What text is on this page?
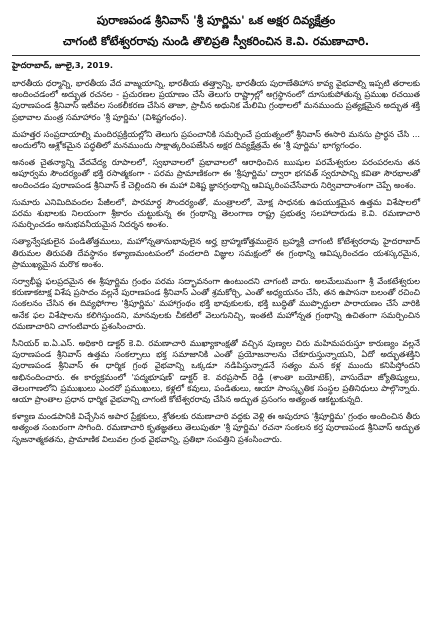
పురాణపండ శ్రీనివాస్ 'శ్రీ పూర్ణిమ' ఒక అక్షర దివ్యక్షేత్రం
చాగంటి కోటేశ్వరరావు నుండి తొలిప్రతి స్వీకరించిన కె.వి. రమణాచారి.
హైదరాబాద్, జూలై,3, 2019.

భారతీయ ధర్మాన్ని, భారతీయ వేద వాఙ్మయాన్ని, భారతీయ తత్త్వాన్ని, భారతీయ పురాణేతిహాస కావ్య వైభవాల్ని ఇప్పటి తరాలకు అందించడంలో అద్భుత రచనల - ప్రచురణల ప్రయాణం చేసే తెలుగు రాష్ట్రాల్లో అగ్రస్థానంలో దూసుకుపోతున్న ప్రముఖ రచయిత పురాణపండ శ్రీనివాస్ ఇటీవల సంకలీకరణ చేసిన తాజా, ప్రాచీన అధునిక మేలిమి గ్రంథాలలో మనముందు ప్రత్యక్షమైన అద్భుత శక్తి ప్రభావాల మంత్ర సమాహారం 'శ్రీ పూర్ణిమ' (విశిష్టగంధం).

మహత్తర సంప్రదాయాల్ని మందిరప్రక్రియల్లోని తెలుగు ప్రపంచానికి సమర్పించే ప్రయత్నంలో శ్రీనివాస్ ఈసారి మనసు ప్రార్థన చేసి ... అందులోని ఆశ్లోకమైన పద్ధతిలో మనముందు సాక్షాత్కరింపజేసిన అక్షర దివ్యక్షేత్రమే ఈ 'శ్రీ పూర్ణిమ' భాగ్యగంధం.

అనంత చైతన్యాన్ని వేదవేద్య రూపాలలో, స్వభావాలలో ప్రభావాలలో ఆరాధించిన ఋషుల పరమేశ్వరుల పరంపరలను తన అపూర్వమ సౌందర్యంతో భక్తి రసాత్మకంగా - పరమ ప్రామాణికంగా ఈ 'శ్రీపూర్ణిమ' ద్వారా భగవత్ స్వరూపాన్ని కవితా సౌరభాలతో అందించడం పురాణపండ శ్రీనివాస్ కే చెల్లిందని ఈ మహా విశిష్ట జ్ఞానగ్రంథాన్ని ఆవిష్కరింపచేసేవారు నిర్వివాదాంశంగా చెప్పే అంశం.

సుమారు ఎనిమిదివందల పేజీలలో, పారమార్థ సౌందర్యంతో, మంత్రాలలో, మోక్ష సాధనకు ఉపయుక్తమైన ఉత్తమ విశేషాలలో పరమ శుభాలకు నిలయంగా శ్రీకారం చుట్టుకున్న ఈ గ్రంథాన్ని తెలంగాణ రాష్ట్ర ప్రభుత్వ సలహాదారుడు కె.వి. రమణాచారి సమర్పించడం అనుభవనీయమైన నిదర్శన అంశం.

సత్యాన్వేషకులైన పండితోత్తములు, మహోన్నతానుభావులైన అర్హ బ్రాహ్మణోత్తములైన బ్రహ్మశ్రీ చాగంటి కోటేశ్వరరావు హైదరాబాద్ తిరుమల తిరుపతి దేవస్థానం కళ్యాణమంటపంలో వందలాది విజ్ఞుల సమక్షంలో ఈ గ్రంథాన్ని ఆవిష్కరించడం యశస్కరమైన, ప్రాముఖ్యమైన మరొక అంశం.

సర్వాభీష్ట ఫలప్రదమైన ఈ శ్రీపూర్ణిమ గ్రంథం పరమ సద్భావనంగా ఉంటుందని చాగంటి వారు. అలమేలుమంగా శ్రీ వేంకటేశ్వరుల కరుణాకటాక్ష విశేష ప్రసాదం వల్లనే పురాణపండ శ్రీనివాస్ ఎంతో శ్రమకోర్చి, ఎంతో అధ్యయనం చేసి, తన ఉపాసనా బలంతో రచించి సంకలనం చేసిన ఈ దివ్యఫోగాల 'శ్రీపూర్ణిమ' మహాగ్రంథం భక్తి భావుకులకు, భక్తి బుద్ధితో ముప్పొద్దులా పారాయణం చేసే వారికి అనేక ఫల విశేషాలను కలిగిస్తుందని, మానవులకు చీకటిలో వెలుగునిచ్చి, ఇంతటి మహోన్నత గ్రంథాన్ని ఉచితంగా సమర్పించిన రమణాచారిని చాగంటివారు ప్రశంసించారు.

సీనియర్ ఐ.ఏ.ఎస్. అధికారి డాక్టర్ కె.వి. రమణాచారి ముఖ్యాకాంక్షతో వచ్చిన పుణ్యల చిరు మహిమపరుస్తూ కారుణ్యం వల్లనే పురాణపండ శ్రీనివాస్ ఉత్తమ సంకల్పాలు భక్త సమాజానికి ఎంతో ప్రయోజనాలను చేకూరుస్తున్నాయని, ఏదో అద్భుతశక్తిని పురాణపండ శ్రీనివాస్ ఈ ధార్మిక గ్రంథ వైభవాన్ని ఒక్కడూ నడిపిస్తున్నాడనే సత్యం మన కళ్ల ముందు కనిపిస్తోందని అభినందించారు. ఈ కార్యక్రమంలో 'పద్మభూషణ్' డాక్టర్ కె. వరప్రసాద్ రెడ్డి (శాంతా బయోటెక్), వాసుదేవా జ్యోతిష్యులు, తెలంగాణలోని ప్రముఖులు ఎందరో ప్రముఖులు, కళ్లలో కవులు, పండితులు, ఆయా సాంస్కృతిక సంస్థల ప్రతినిధులు పాల్గొన్నారు. ఆయా ప్రాంతాల ప్రధాన ధార్మిక వైభవాన్ని చాగంటి కోటేశ్వరరావు చేసిన అద్భుత ప్రసంగం అత్యంత ఆకట్టుకున్నది.

కళ్యాణ మండపానికి విచ్చేసిన అపార ప్రేక్షకులు, శ్రోతలకు రమణాచారి వద్దకు వెళ్లి ఈ అపురూప 'శ్రీపూర్ణిమ' గ్రంథం అందించిన తీరు అత్యంత సంబరంగా సాగింది. రమణాచారి కృతజ్ఞతలు తెలుపుతూ 'శ్రీ పూర్ణిమ' రచనా సంకలన కర్త పురాణపండ శ్రీనివాస్ అద్భుత సృజనాత్మకతను, ప్రామాణిక విలువల గ్రంథ వైభవాన్ని, ప్రతిభా సంపత్తిని ప్రశంసించారు.
